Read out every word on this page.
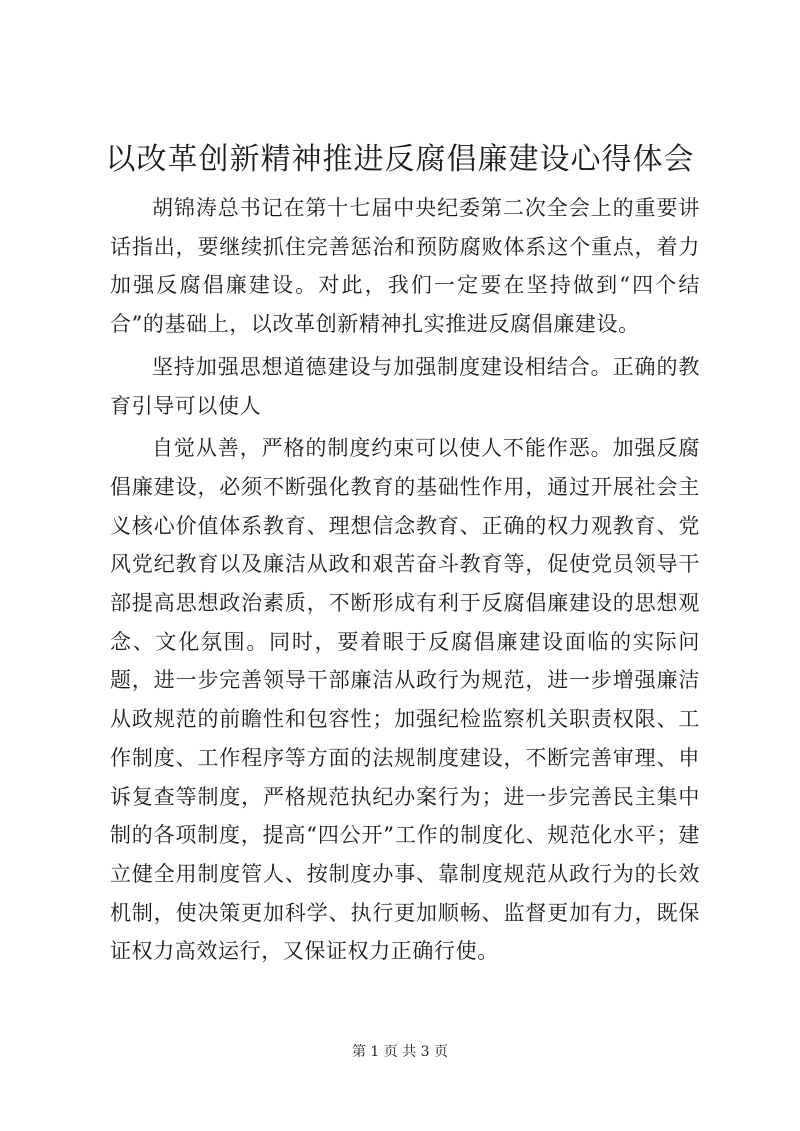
以改革创新精神推进反腐倡廉建设心得体会

胡锦涛总书记在第十七届中央纪委第二次全会上的重要讲话指出，要继续抓住完善惩治和预防腐败体系这个重点，着力加强反腐倡廉建设。对此，我们一定要在坚持做到“四个结合”的基础上，以改革创新精神扎实推进反腐倡廉建设。

坚持加强思想道德建设与加强制度建设相结合。正确的教育引导可以使人

自觉从善，严格的制度约束可以使人不能作恶。加强反腐倡廉建设，必须不断强化教育的基础性作用，通过开展社会主义核心价值体系教育、理想信念教育、正确的权力观教育、党风党纪教育以及廉洁从政和艰苦奋斗教育等，促使党员领导干部提高思想政治素质，不断形成有利于反腐倡廉建设的思想观念、文化氛围。同时，要着眼于反腐倡廉建设面临的实际问题，进一步完善领导干部廉洁从政行为规范，进一步增强廉洁从政规范的前瞻性和包容性；加强纪检监察机关职责权限、工作制度、工作程序等方面的法规制度建设，不断完善审理、申诉复查等制度，严格规范执纪办案行为；进一步完善民主集中制的各项制度，提高“四公开”工作的制度化、规范化水平；建立健全用制度管人、按制度办事、靠制度规范从政行为的长效机制，使决策更加科学、执行更加顺畅、监督更加有力，既保证权力高效运行，又保证权力正确行使。

第 1 页 共 3 页
